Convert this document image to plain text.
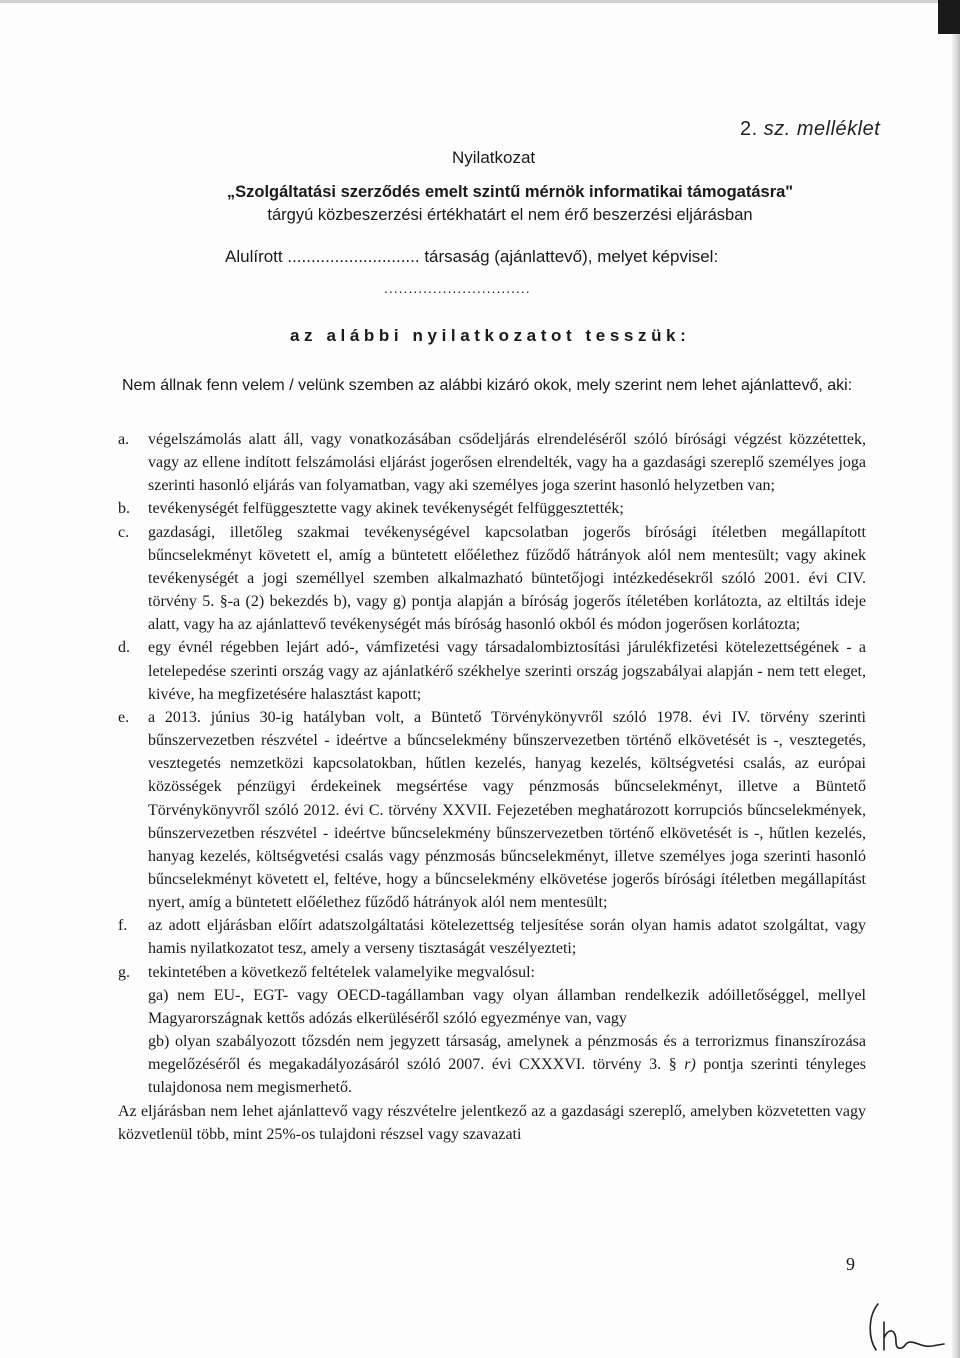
2. sz. melléklet
Nyilatkozat
„Szolgáltatási szerződés emelt szintű mérnök informatikai támogatásra"
tárgyú közbeszerzési értékhatárt el nem érő beszerzési eljárásban
Alulírott ............................ társaság (ajánlattevő), melyet képvisel:
..............................
az alábbi nyilatkozatot tesszük:
Nem állnak fenn velem / velünk szemben az alábbi kizáró okok, mely szerint nem lehet ajánlattevő, aki:
a. végelszámolás alatt áll, vagy vonatkozásában csődeljárás elrendeléséről szóló bírósági végzést közzétettek, vagy az ellene indított felszámolási eljárást jogerősen elrendelték, vagy ha a gazdasági szereplő személyes joga szerinti hasonló eljárás van folyamatban, vagy aki személyes joga szerint hasonló helyzetben van;
b. tevékenységét felfüggesztette vagy akinek tevékenységét felfüggesztették;
c. gazdasági, illetőleg szakmai tevékenységével kapcsolatban jogerős bírósági ítéletben megállapított bűncselekményt követett el, amíg a büntetett előélethez fűződő hátrányok alól nem mentesült; vagy akinek tevékenységét a jogi személlyel szemben alkalmazható büntetőjogi intézkedésekről szóló 2001. évi CIV. törvény 5. §-a (2) bekezdés b), vagy g) pontja alapján a bíróság jogerős ítéletében korlátozta, az eltiltás ideje alatt, vagy ha az ajánlattevő tevékenységét más bíróság hasonló okból és módon jogerősen korlátozta;
d. egy évnél régebben lejárt adó-, vámfizetési vagy társadalombiztosítási járulékfizetési kötelezettségének - a letelepedése szerinti ország vagy az ajánlatkérő székhelye szerinti ország jogszabályai alapján - nem tett eleget, kivéve, ha megfizetésére halasztást kapott;
e. a 2013. június 30-ig hatályban volt, a Büntető Törvénykönyvről szóló 1978. évi IV. törvény szerinti bűnszervezetben részvétel - ideértve a bűncselekmény bűnszervezetben történő elkövetését is -, vesztegetés, vesztegetés nemzetközi kapcsolatokban, hűtlen kezelés, hanyag kezelés, költségvetési csalás, az európai közösségek pénzügyi érdekeinek megsértése vagy pénzmosás bűncselekményt, illetve a Büntető Törvénykönyvről szóló 2012. évi C. törvény XXVII. Fejezetében meghatározott korrupciós bűncselekmények, bűnszervezetben részvétel - ideértve bűncselekmény bűnszervezetben történő elkövetését is -, hűtlen kezelés, hanyag kezelés, költségvetési csalás vagy pénzmosás bűncselekményt, illetve személyes joga szerinti hasonló bűncselekményt követett el, feltéve, hogy a bűncselekmény elkövetése jogerős bírósági ítéletben megállapítást nyert, amíg a büntetett előélethez fűződő hátrányok alól nem mentesült;
f. az adott eljárásban előírt adatszolgáltatási kötelezettség teljesítése során olyan hamis adatot szolgáltat, vagy hamis nyilatkozatot tesz, amely a verseny tisztaságát veszélyezteti;
g. tekintetében a következő feltételek valamelyike megvalósul:
ga) nem EU-, EGT- vagy OECD-tagállamban vagy olyan államban rendelkezik adóilletőséggel, mellyel Magyarországnak kettős adózás elkerüléséről szóló egyezménye van, vagy
gb) olyan szabályozott tőzsdén nem jegyzett társaság, amelynek a pénzmosás és a terrorizmus finanszírozása megelőzéséről és megakadályozásáról szóló 2007. évi CXXXVI. törvény 3. § r) pontja szerinti tényleges tulajdonosa nem megismerhető.
Az eljárásban nem lehet ajánlattevő vagy részvételre jelentkező az a gazdasági szereplő, amelyben közvetetten vagy közvetlenül több, mint 25%-os tulajdoni részsel vagy szavazati
9
